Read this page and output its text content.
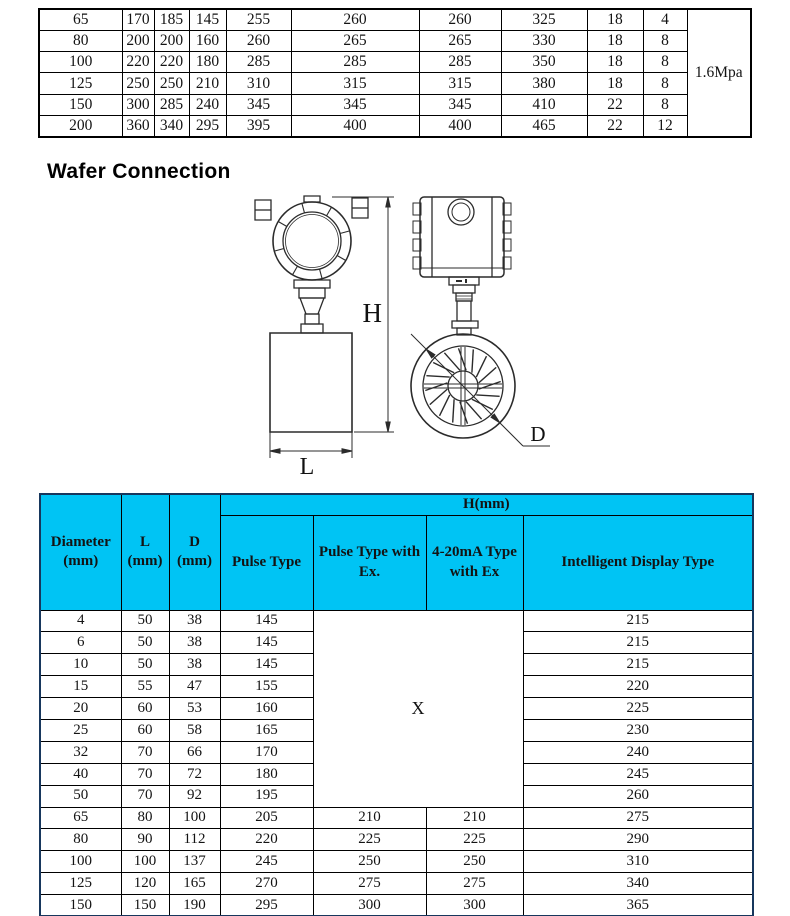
65	170	185	145	255	260	260	325	18	4	1.6Mpa
80	200	200	160	260	265	265	330	18	8	
100	220	220	180	285	285	285	350	18	8	
125	250	250	210	310	315	315	380	18	8	
150	300	285	240	345	345	345	410	22	8	
200	360	340	295	395	400	400	465	22	12	
Wafer Connection
H
L
D
Diameter (mm)	L (mm)	D (mm)	H(mm)			
			Pulse Type	Pulse Type with Ex.	4-20mA Type with Ex	Intelligent Display Type
4	50	38	145	X		215
6	50	38	145			215
10	50	38	145			215
15	55	47	155			220
20	60	53	160			225
25	60	58	165			230
32	70	66	170			240
40	70	72	180			245
50	70	92	195			260
65	80	100	205	210	210	275
80	90	112	220	225	225	290
100	100	137	245	250	250	310
125	120	165	270	275	275	340
150	150	190	295	300	300	365
